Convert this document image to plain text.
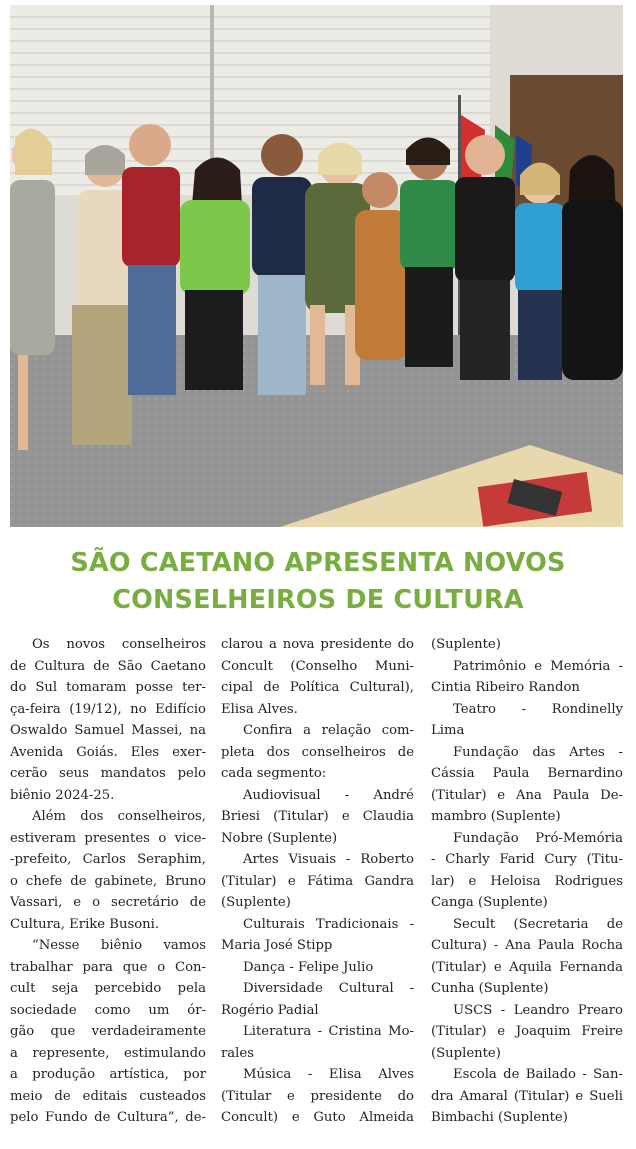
SÃO CAETANO APRESENTA NOVOS
CONSELHEIROS DE CULTURA
Os novos conselheiros
de Cultura de São Caetano
do Sul tomaram posse ter-
ça-feira (19/12), no Edifício
Oswaldo Samuel Massei, na
Avenida Goiás. Eles exer-
cerão seus mandatos pelo
biênio 2024-25.
Além dos conselheiros,
estiveram presentes o vice-
-prefeito, Carlos Seraphim,
o chefe de gabinete, Bruno
Vassari, e o secretário de
Cultura, Erike Busoni.
“Nesse biênio vamos
trabalhar para que o Con-
cult seja percebido pela
sociedade como um ór-
gão que verdadeiramente
a represente, estimulando
a produção artística, por
meio de editais custeados
pelo Fundo de Cultura”, de-
clarou a nova presidente do
Concult (Conselho Muni-
cipal de Política Cultural),
Elisa Alves.
Confira a relação com-
pleta dos conselheiros de
cada segmento:
Audiovisual - André
Briesi (Titular) e Claudia
Nobre (Suplente)
Artes Visuais - Roberto
(Titular) e Fátima Gandra
(Suplente)
Culturais Tradicionais -
Maria José Stipp
Dança - Felipe Julio
Diversidade Cultural -
Rogério Padial
Literatura - Cristina Mo-
rales
Música - Elisa Alves
(Titular e presidente do
Concult) e Guto Almeida
(Suplente)
Patrimônio e Memória -
Cintia Ribeiro Randon
Teatro - Rondinelly
Lima
Fundação das Artes -
Cássia Paula Bernardino
(Titular) e Ana Paula De-
mambro (Suplente)
Fundação Pró-Memória
- Charly Farid Cury (Titu-
lar) e Heloisa Rodrigues
Canga (Suplente)
Secult (Secretaria de
Cultura) - Ana Paula Rocha
(Titular) e Aquila Fernanda
Cunha (Suplente)
USCS - Leandro Prearo
(Titular) e Joaquim Freire
(Suplente)
Escola de Bailado - San-
dra Amaral (Titular) e Sueli
Bimbachi (Suplente)
